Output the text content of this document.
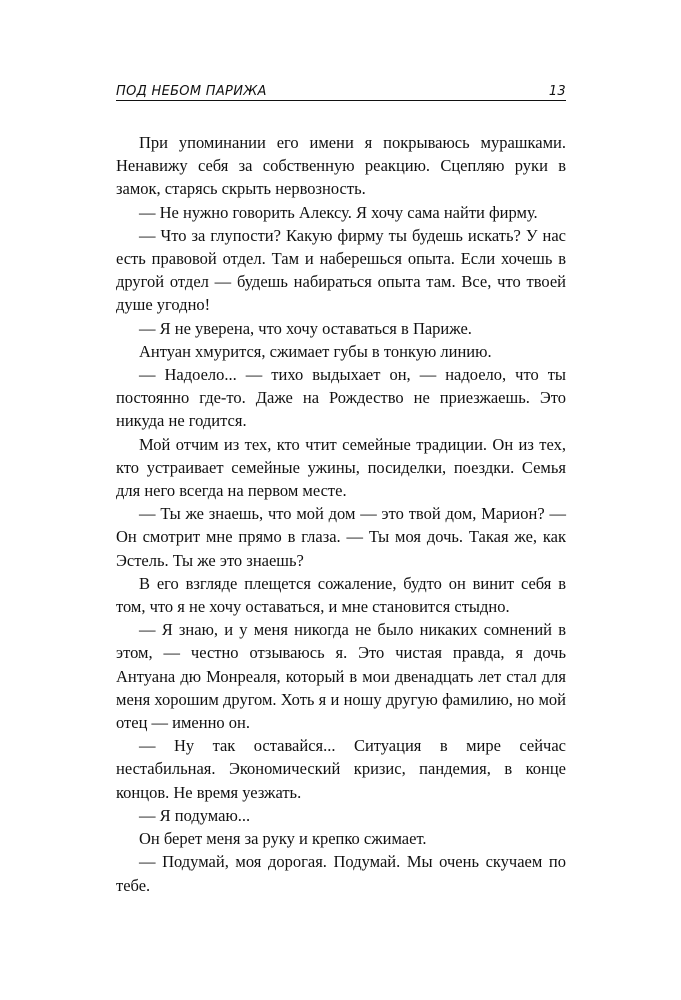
ПОД НЕБОМ ПАРИЖА	13

При упоминании его имени я покрываюсь мурашками. Ненавижу себя за собственную реакцию. Сцепляю руки в замок, старясь скрыть нервозность.

— Не нужно говорить Алексу. Я хочу сама найти фирму.

— Что за глупости? Какую фирму ты будешь искать? У нас есть правовой отдел. Там и наберешься опыта. Если хочешь в другой отдел — будешь набираться опыта там. Все, что твоей душе угодно!

— Я не уверена, что хочу оставаться в Париже.

Антуан хмурится, сжимает губы в тонкую линию.

— Надоело... — тихо выдыхает он, — надоело, что ты постоянно где-то. Даже на Рождество не приезжаешь. Это никуда не годится.

Мой отчим из тех, кто чтит семейные традиции. Он из тех, кто устраивает семейные ужины, посиделки, поездки. Семья для него всегда на первом месте.

— Ты же знаешь, что мой дом — это твой дом, Марион? — Он смотрит мне прямо в глаза. — Ты моя дочь. Такая же, как Эстель. Ты же это знаешь?

В его взгляде плещется сожаление, будто он винит себя в том, что я не хочу оставаться, и мне становится стыдно.

— Я знаю, и у меня никогда не было никаких сомнений в этом, — честно отзываюсь я. Это чистая правда, я дочь Антуана дю Монреаля, который в мои двенадцать лет стал для меня хорошим другом. Хоть я и ношу другую фамилию, но мой отец — именно он.

— Ну так оставайся... Ситуация в мире сейчас нестабильная. Экономический кризис, пандемия, в конце концов. Не время уезжать.

— Я подумаю...

Он берет меня за руку и крепко сжимает.

— Подумай, моя дорогая. Подумай. Мы очень скучаем по тебе.
